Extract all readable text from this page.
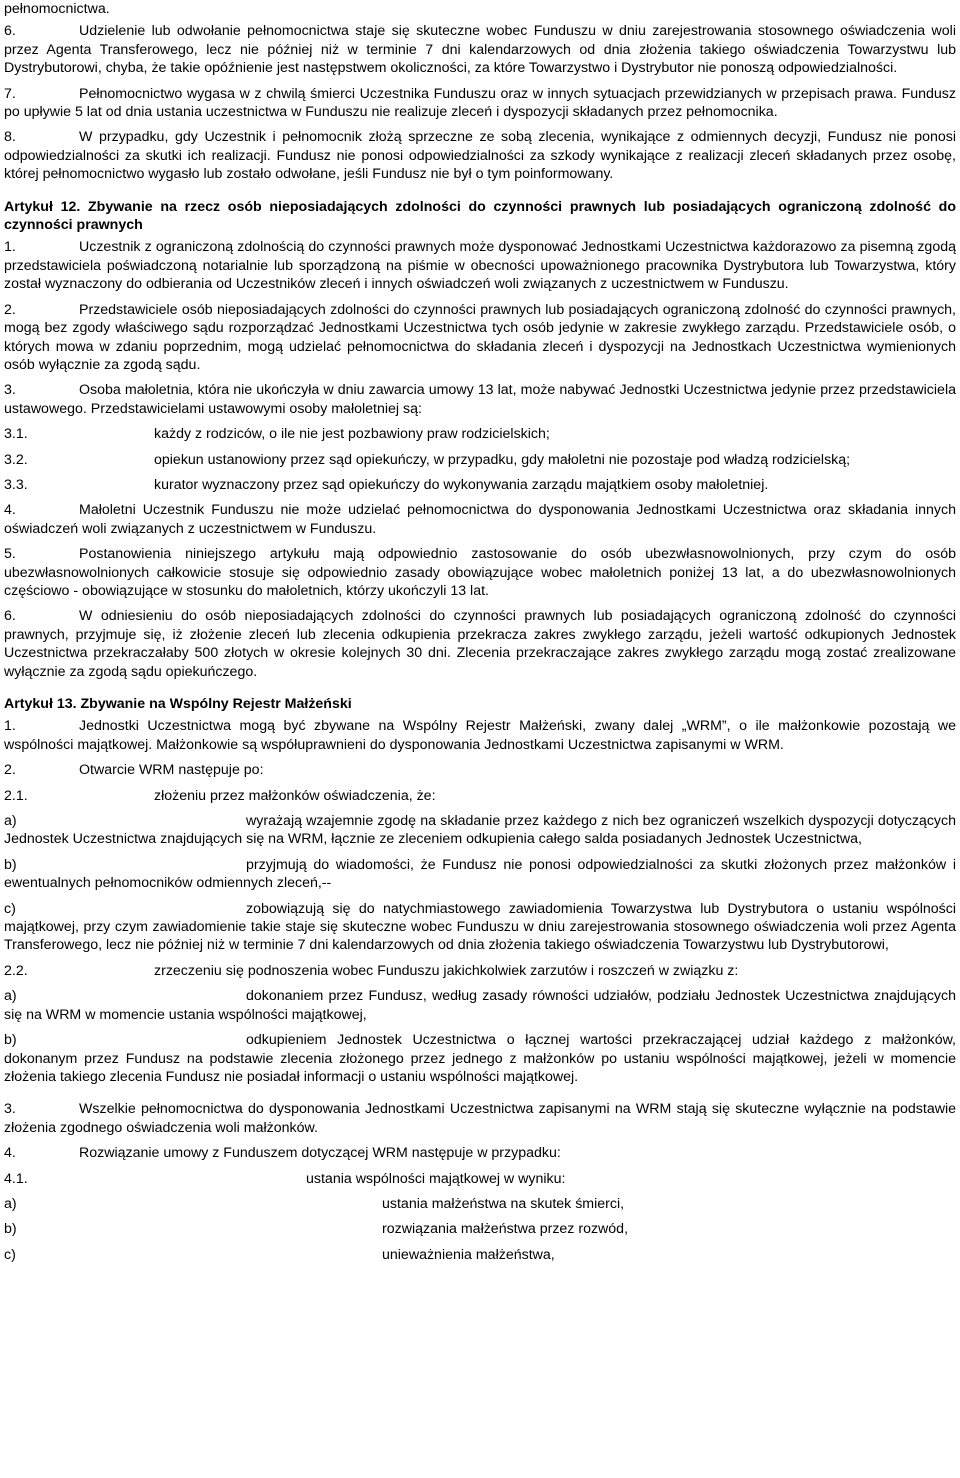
pełnomocnictwa.
6.	Udzielenie lub odwołanie pełnomocnictwa staje się skuteczne wobec Funduszu w dniu zarejestrowania stosownego oświadczenia woli przez Agenta Transferowego, lecz nie później niż w terminie 7 dni kalendarzowych od dnia złożenia takiego oświadczenia Towarzystwu lub Dystrybutorowi, chyba, że takie opóźnienie jest następstwem okoliczności, za które Towarzystwo i Dystrybutor nie ponoszą odpowiedzialności.
7.	Pełnomocnictwo wygasa w z chwilą śmierci Uczestnika Funduszu oraz w innych sytuacjach przewidzianych w przepisach prawa. Fundusz po upływie 5 lat od dnia ustania uczestnictwa w Funduszu nie realizuje zleceń i dyspozycji składanych przez pełnomocnika.
8.	W przypadku, gdy Uczestnik i pełnomocnik złożą sprzeczne ze sobą zlecenia, wynikające z odmiennych decyzji, Fundusz nie ponosi odpowiedzialności za skutki ich realizacji. Fundusz nie ponosi odpowiedzialności za szkody wynikające z realizacji zleceń składanych przez osobę, której pełnomocnictwo wygasło lub zostało odwołane, jeśli Fundusz nie był o tym poinformowany.
Artykuł 12. Zbywanie na rzecz osób nieposiadających zdolności do czynności prawnych lub posiadających ograniczoną zdolność do czynności prawnych
1.	Uczestnik z ograniczoną zdolnością do czynności prawnych może dysponować Jednostkami Uczestnictwa każdorazowo za pisemną zgodą przedstawiciela poświadczoną notarialnie lub sporządzoną na piśmie w obecności upoważnionego pracownika Dystrybutora lub Towarzystwa, który został wyznaczony do odbierania od Uczestników zleceń i innych oświadczeń woli związanych z uczestnictwem w Funduszu.
2.	Przedstawiciele osób nieposiadających zdolności do czynności prawnych lub posiadających ograniczoną zdolność do czynności prawnych, mogą bez zgody właściwego sądu rozporządzać Jednostkami Uczestnictwa tych osób jedynie w zakresie zwykłego zarządu. Przedstawiciele osób, o których mowa w zdaniu poprzednim, mogą udzielać pełnomocnictwa do składania zleceń i dyspozycji na Jednostkach Uczestnictwa wymienionych osób wyłącznie za zgodą sądu.
3.	Osoba małoletnia, która nie ukończyła w dniu zawarcia umowy 13 lat, może nabywać Jednostki Uczestnictwa jedynie przez przedstawiciela ustawowego. Przedstawicielami ustawowymi osoby małoletniej są:
3.1.	każdy z rodziców, o ile nie jest pozbawiony praw rodzicielskich;
3.2.	opiekun ustanowiony przez sąd opiekuńczy, w przypadku, gdy małoletni nie pozostaje pod władzą rodzicielską;
3.3.	kurator wyznaczony przez sąd opiekuńczy do wykonywania zarządu majątkiem osoby małoletniej.
4.	Małoletni Uczestnik Funduszu nie może udzielać pełnomocnictwa do dysponowania Jednostkami Uczestnictwa oraz składania innych oświadczeń woli związanych z uczestnictwem w Funduszu.
5.	Postanowienia niniejszego artykułu mają odpowiednio zastosowanie do osób ubezwłasnowolnionych, przy czym do osób ubezwłasnowolnionych całkowicie stosuje się odpowiednio zasady obowiązujące wobec małoletnich poniżej 13 lat, a do ubezwłasnowolnionych częściowo - obowiązujące w stosunku do małoletnich, którzy ukończyli 13 lat.
6.	W odniesieniu do osób nieposiadających zdolności do czynności prawnych lub posiadających ograniczoną zdolność do czynności prawnych, przyjmuje się, iż złożenie zleceń lub zlecenia odkupienia przekracza zakres zwykłego zarządu, jeżeli wartość odkupionych Jednostek Uczestnictwa przekraczałaby 500 złotych w okresie kolejnych 30 dni. Zlecenia przekraczające zakres zwykłego zarządu mogą zostać zrealizowane wyłącznie za zgodą sądu opiekuńczego.
Artykuł 13. Zbywanie na Wspólny Rejestr Małżeński
1.	Jednostki Uczestnictwa mogą być zbywane na Wspólny Rejestr Małżeński, zwany dalej „WRM”, o ile małżonkowie pozostają we wspólności majątkowej. Małżonkowie są współuprawnieni do dysponowania Jednostkami Uczestnictwa zapisanymi w WRM.
2.	Otwarcie WRM następuje po:
2.1.	złożeniu przez małżonków oświadczenia, że:
a)	wyrażają wzajemnie zgodę na składanie przez każdego z nich bez ograniczeń wszelkich dyspozycji dotyczących Jednostek Uczestnictwa znajdujących się na WRM, łącznie ze zleceniem odkupienia całego salda posiadanych Jednostek Uczestnictwa,
b)	przyjmują do wiadomości, że Fundusz nie ponosi odpowiedzialności za skutki złożonych przez małżonków i ewentualnych pełnomocników odmiennych zleceń,--
c)	zobowiązują się do natychmiastowego zawiadomienia Towarzystwa lub Dystrybutora o ustaniu wspólności majątkowej, przy czym zawiadomienie takie staje się skuteczne wobec Funduszu w dniu zarejestrowania stosownego oświadczenia woli przez Agenta Transferowego, lecz nie później niż w terminie 7 dni kalendarzowych od dnia złożenia takiego oświadczenia Towarzystwu lub Dystrybutorowi,
2.2.	zrzeczeniu się podnoszenia wobec Funduszu jakichkolwiek zarzutów i roszczeń w związku z:
a)	dokonaniem przez Fundusz, według zasady równości udziałów, podziału Jednostek Uczestnictwa znajdujących się na WRM w momencie ustania wspólności majątkowej,
b)	odkupieniem Jednostek Uczestnictwa o łącznej wartości przekraczającej udział każdego z małżonków, dokonanym przez Fundusz na podstawie zlecenia złożonego przez jednego z małżonków po ustaniu wspólności majątkowej, jeżeli w momencie złożenia takiego zlecenia Fundusz nie posiadał informacji o ustaniu wspólności majątkowej.
3.	Wszelkie pełnomocnictwa do dysponowania Jednostkami Uczestnictwa zapisanymi na WRM stają się skuteczne wyłącznie na podstawie złożenia zgodnego oświadczenia woli małżonków.
4.	Rozwiązanie umowy z Funduszem dotyczącej WRM następuje w przypadku:
4.1.	ustania wspólności majątkowej w wyniku:
a)	ustania małżeństwa na skutek śmierci,
b)	rozwiązania małżeństwa przez rozwód,
c)	unieważnienia małżeństwa,
